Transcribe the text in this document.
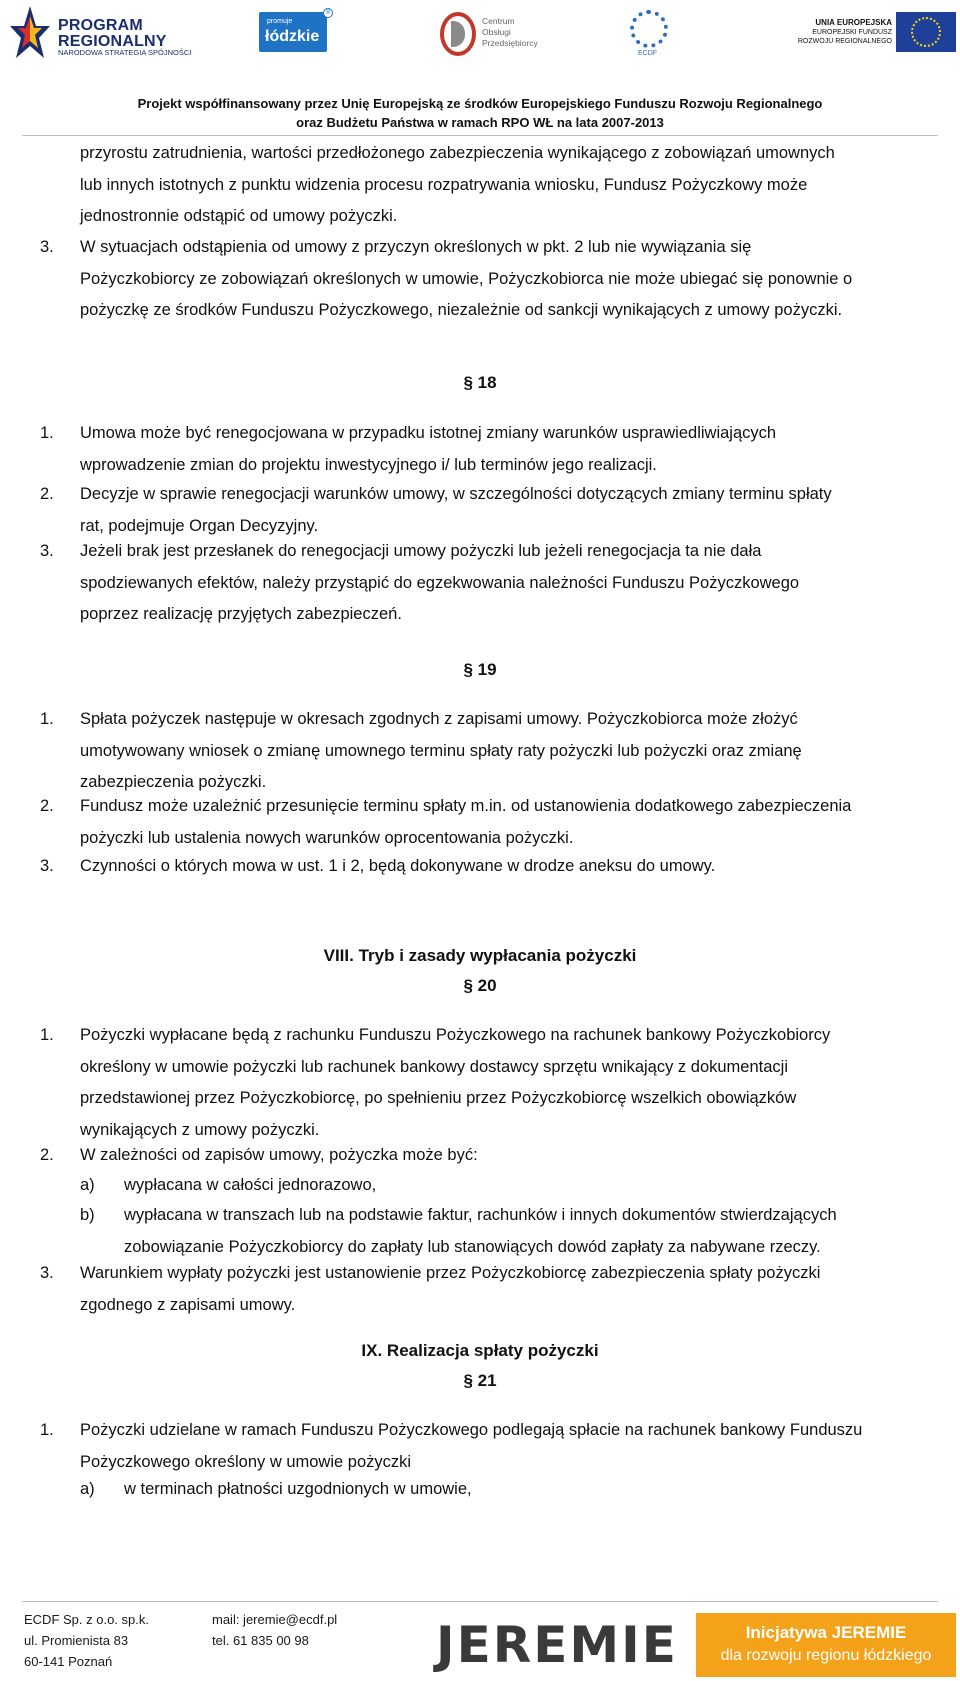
PROGRAM
REGIONALNY
NARODOWA STRATEGIA SPÓJNOŚCI
promuje
łódzkie
®
Centrum
Obsługi
Przedsiębiorcy
ECDF
UNIA EUROPEJSKA
EUROPEJSKI FUNDUSZ
ROZWOJU REGIONALNEGO
Projekt współfinansowany przez Unię Europejską ze środków Europejskiego Funduszu Rozwoju Regionalnego
oraz Budżetu Państwa w ramach RPO WŁ na lata 2007-2013
przyrostu zatrudnienia, wartości przedłożonego zabezpieczenia wynikającego z zobowiązań umownych
lub innych istotnych z punktu widzenia procesu rozpatrywania wniosku, Fundusz Pożyczkowy może
jednostronnie odstąpić od umowy pożyczki.
3. W sytuacjach odstąpienia od umowy z przyczyn określonych w pkt. 2 lub nie wywiązania się
Pożyczkobiorcy ze zobowiązań określonych w umowie, Pożyczkobiorca nie może ubiegać się ponownie o
pożyczkę ze środków Funduszu Pożyczkowego, niezależnie od sankcji wynikających z umowy pożyczki.
§ 18
1. Umowa może być renegocjowana w przypadku istotnej zmiany warunków usprawiedliwiających
wprowadzenie zmian do projektu inwestycyjnego i/ lub terminów jego realizacji.
2. Decyzje w sprawie renegocjacji warunków umowy, w szczególności dotyczących zmiany terminu spłaty
rat, podejmuje Organ Decyzyjny.
3. Jeżeli brak jest przesłanek do renegocjacji umowy pożyczki lub jeżeli renegocjacja ta nie dała
spodziewanych efektów, należy przystąpić do egzekwowania należności Funduszu Pożyczkowego
poprzez realizację przyjętych zabezpieczeń.
§ 19
1. Spłata pożyczek następuje w okresach zgodnych z zapisami umowy. Pożyczkobiorca może złożyć
umotywowany wniosek o zmianę umownego terminu spłaty raty pożyczki lub pożyczki oraz zmianę
zabezpieczenia pożyczki.
2. Fundusz może uzależnić przesunięcie terminu spłaty m.in. od ustanowienia dodatkowego zabezpieczenia
pożyczki lub ustalenia nowych warunków oprocentowania pożyczki.
3. Czynności o których mowa w ust. 1 i 2, będą dokonywane w drodze aneksu do umowy.
VIII. Tryb i zasady wypłacania pożyczki
§ 20
1. Pożyczki wypłacane będą z rachunku Funduszu Pożyczkowego na rachunek bankowy Pożyczkobiorcy
określony w umowie pożyczki lub rachunek bankowy dostawcy sprzętu wnikający z dokumentacji
przedstawionej przez Pożyczkobiorcę, po spełnieniu przez Pożyczkobiorcę wszelkich obowiązków
wynikających z umowy pożyczki.
2. W zależności od zapisów umowy, pożyczka może być:
a) wypłacana w całości jednorazowo,
b) wypłacana w transzach lub na podstawie faktur, rachunków i innych dokumentów stwierdzających
zobowiązanie Pożyczkobiorcy do zapłaty lub stanowiących dowód zapłaty za nabywane rzeczy.
3. Warunkiem wypłaty pożyczki jest ustanowienie przez Pożyczkobiorcę zabezpieczenia spłaty pożyczki
zgodnego z zapisami umowy.
IX. Realizacja spłaty pożyczki
§ 21
1. Pożyczki udzielane w ramach Funduszu Pożyczkowego podlegają spłacie na rachunek bankowy Funduszu
Pożyczkowego określony w umowie pożyczki
a) w terminach płatności uzgodnionych w umowie,
ECDF Sp. z o.o. sp.k.
ul. Promienista 83
60-141 Poznań
mail: jeremie@ecdf.pl
tel. 61 835 00 98	JEREMIE	Inicjatywa JEREMIE
dla rozwoju regionu łódzkiego
